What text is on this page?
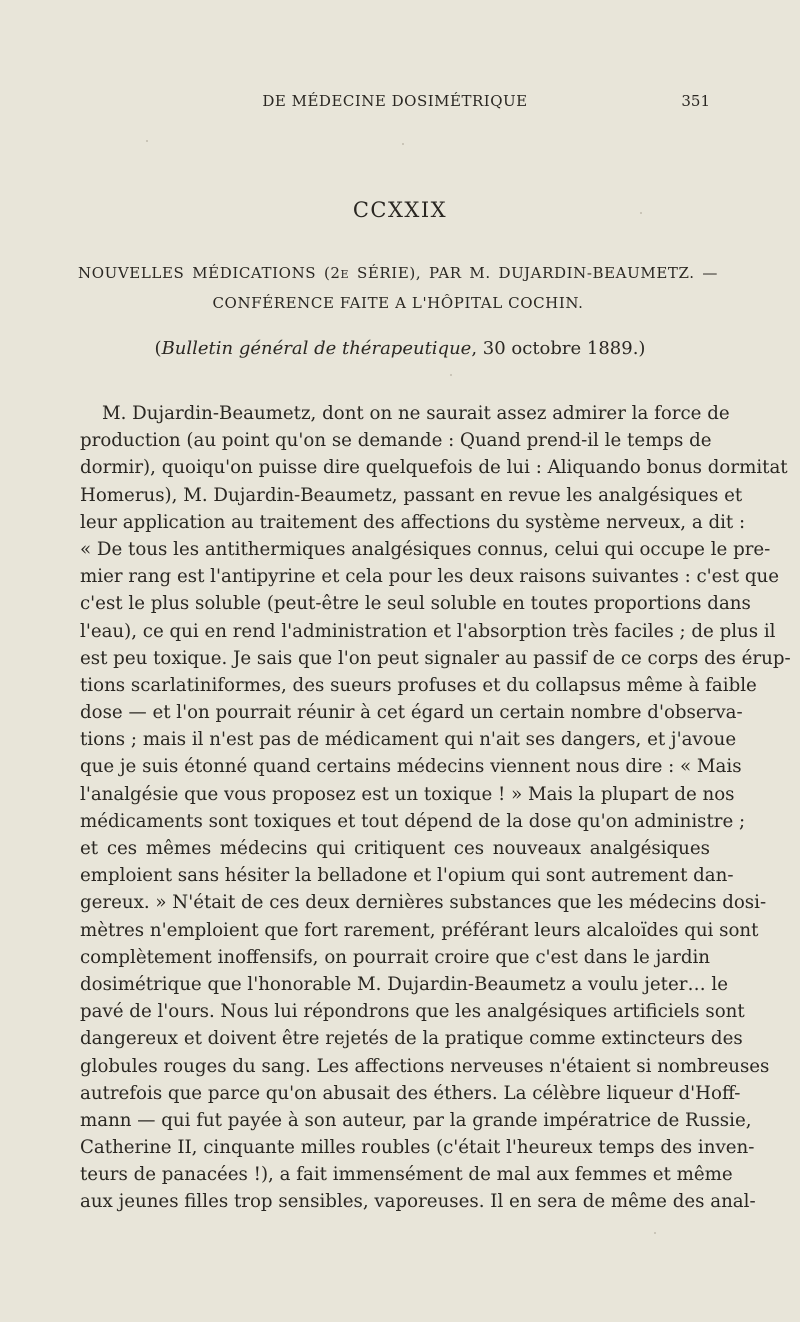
DE MÉDECINE DOSIMÉTRIQUE	351
CCXXIX
NOUVELLES MÉDICATIONS (2e SÉRIE), PAR M. DUJARDIN-BEAUMETZ. —
CONFÉRENCE FAITE A L'HÔPITAL COCHIN.
(Bulletin général de thérapeutique, 30 octobre 1889.)
M. Dujardin-Beaumetz, dont on ne saurait assez admirer la force de
production (au point qu'on se demande : Quand prend-il le temps de
dormir), quoiqu'on puisse dire quelquefois de lui : Aliquando bonus dormitat
Homerus), M. Dujardin-Beaumetz, passant en revue les analgésiques et
leur application au traitement des affections du système nerveux, a dit :
« De tous les antithermiques analgésiques connus, celui qui occupe le pre-
mier rang est l'antipyrine et cela pour les deux raisons suivantes : c'est que
c'est le plus soluble (peut-être le seul soluble en toutes proportions dans
l'eau), ce qui en rend l'administration et l'absorption très faciles ; de plus il
est peu toxique. Je sais que l'on peut signaler au passif de ce corps des érup-
tions scarlatiniformes, des sueurs profuses et du collapsus même à faible
dose — et l'on pourrait réunir à cet égard un certain nombre d'observa-
tions ; mais il n'est pas de médicament qui n'ait ses dangers, et j'avoue
que je suis étonné quand certains médecins viennent nous dire : « Mais
l'analgésie que vous proposez est un toxique ! » Mais la plupart de nos
médicaments sont toxiques et tout dépend de la dose qu'on administre ;
et ces mêmes médecins qui critiquent ces nouveaux analgésiques
emploient sans hésiter la belladone et l'opium qui sont autrement dan-
gereux. » N'était de ces deux dernières substances que les médecins dosi-
mètres n'emploient que fort rarement, préférant leurs alcaloïdes qui sont
complètement inoffensifs, on pourrait croire que c'est dans le jardin
dosimétrique que l'honorable M. Dujardin-Beaumetz a voulu jeter… le
pavé de l'ours. Nous lui répondrons que les analgésiques artificiels sont
dangereux et doivent être rejetés de la pratique comme extincteurs des
globules rouges du sang. Les affections nerveuses n'étaient si nombreuses
autrefois que parce qu'on abusait des éthers. La célèbre liqueur d'Hoff-
mann — qui fut payée à son auteur, par la grande impératrice de Russie,
Catherine II, cinquante milles roubles (c'était l'heureux temps des inven-
teurs de panacées !), a fait immensément de mal aux femmes et même
aux jeunes filles trop sensibles, vaporeuses. Il en sera de même des anal-
